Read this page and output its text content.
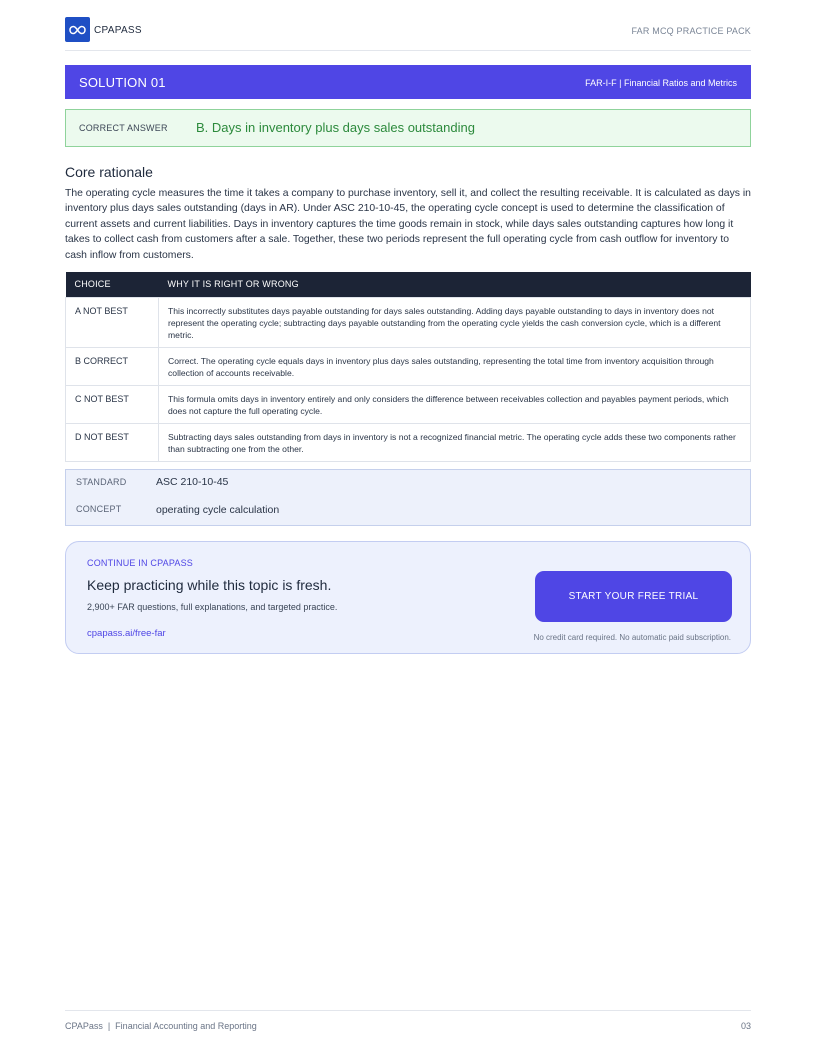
CPAPASS	FAR MCQ PRACTICE PACK
SOLUTION 01	FAR-I-F | Financial Ratios and Metrics
CORRECT ANSWER B. Days in inventory plus days sales outstanding
Core rationale
The operating cycle measures the time it takes a company to purchase inventory, sell it, and collect the resulting receivable. It is calculated as days in inventory plus days sales outstanding (days in AR). Under ASC 210-10-45, the operating cycle concept is used to determine the classification of current assets and current liabilities. Days in inventory captures the time goods remain in stock, while days sales outstanding captures how long it takes to collect cash from customers after a sale. Together, these two periods represent the full operating cycle from cash outflow for inventory to cash inflow from customers.
CHOICE	WHY IT IS RIGHT OR WRONG
A NOT BEST	This incorrectly substitutes days payable outstanding for days sales outstanding. Adding days payable outstanding to days in inventory does not represent the operating cycle; subtracting days payable outstanding from the operating cycle yields the cash conversion cycle, which is a different metric.
B CORRECT	Correct. The operating cycle equals days in inventory plus days sales outstanding, representing the total time from inventory acquisition through collection of accounts receivable.
C NOT BEST	This formula omits days in inventory entirely and only considers the difference between receivables collection and payables payment periods, which does not capture the full operating cycle.
D NOT BEST	Subtracting days sales outstanding from days in inventory is not a recognized financial metric. The operating cycle adds these two components rather than subtracting one from the other.
STANDARD	ASC 210-10-45
CONCEPT	operating cycle calculation
CONTINUE IN CPAPASS
Keep practicing while this topic is fresh.
2,900+ FAR questions, full explanations, and targeted practice.
cpapass.ai/free-far
START YOUR FREE TRIAL
No credit card required. No automatic paid subscription.
CPAPass  |  Financial Accounting and Reporting	03
